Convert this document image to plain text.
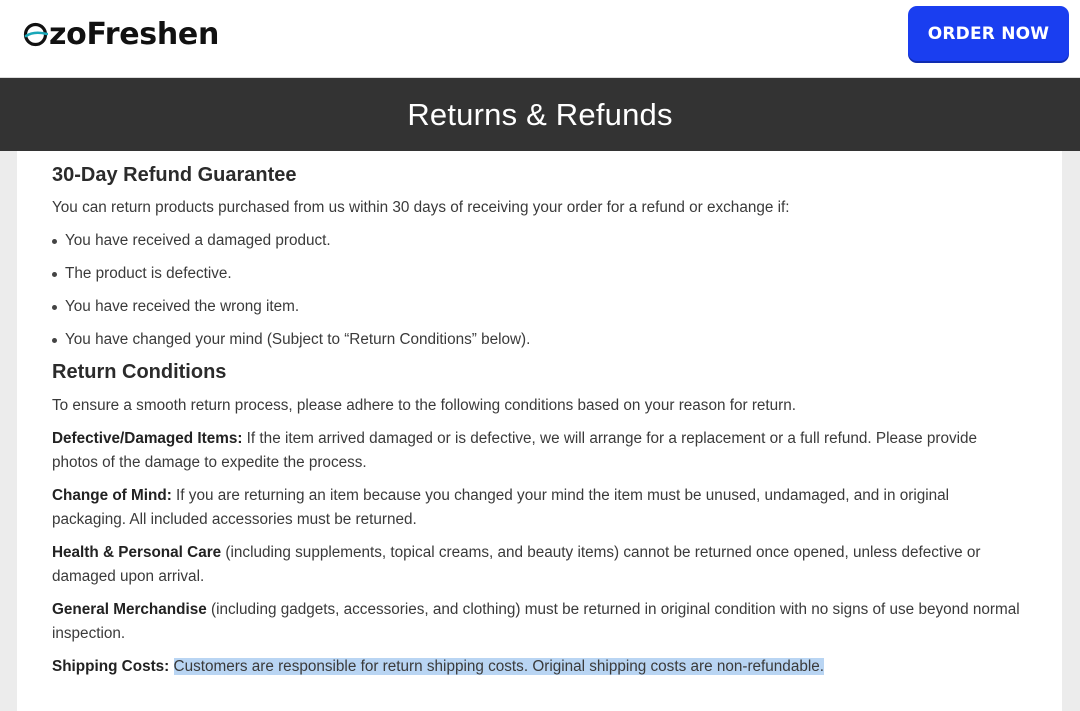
zoFreshen	ORDER NOW
Returns & Refunds
30-Day Refund Guarantee

You can return products purchased from us within 30 days of receiving your order for a refund or exchange if:

You have received a damaged product.
The product is defective.
You have received the wrong item.
You have changed your mind (Subject to “Return Conditions” below).
Return Conditions

To ensure a smooth return process, please adhere to the following conditions based on your reason for return.

Defective/Damaged Items: If the item arrived damaged or is defective, we will arrange for a replacement or a full refund. Please provide photos of the damage to expedite the process.

Change of Mind: If you are returning an item because you changed your mind the item must be unused, undamaged, and in original packaging. All included accessories must be returned.

Health & Personal Care (including supplements, topical creams, and beauty items) cannot be returned once opened, unless defective or damaged upon arrival.

General Merchandise (including gadgets, accessories, and clothing) must be returned in original condition with no signs of use beyond normal inspection.

Shipping Costs: Customers are responsible for return shipping costs. Original shipping costs are non-refundable.
